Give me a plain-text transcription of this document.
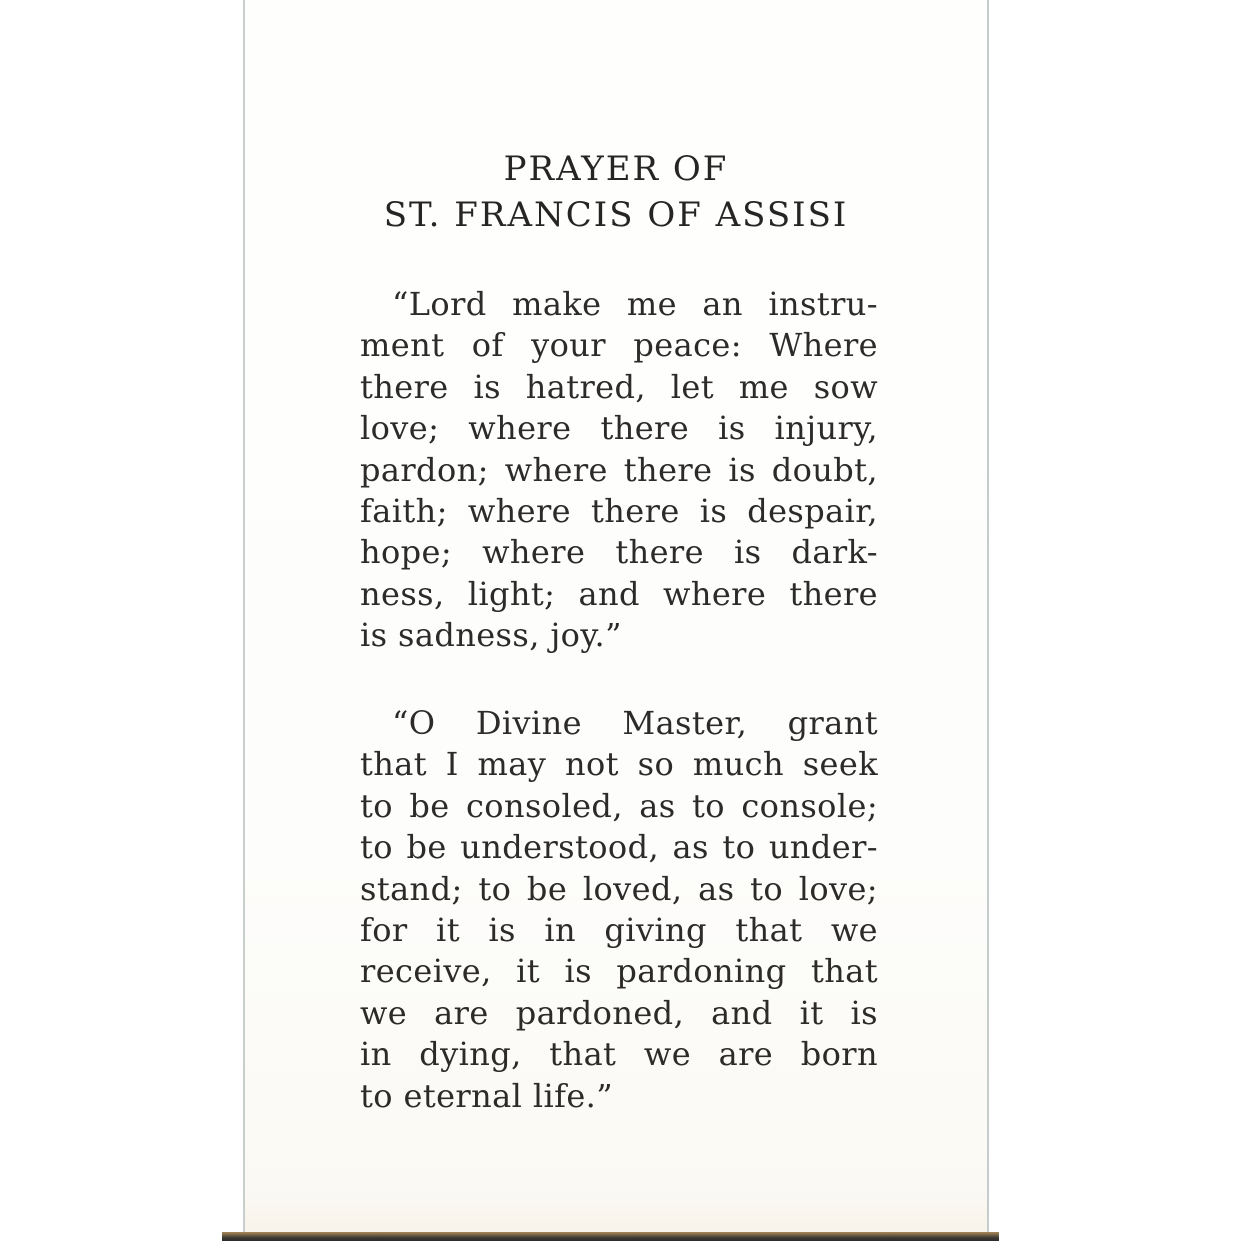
PRAYER OF
ST. FRANCIS OF ASSISI
“Lord make me an instru-
ment of your peace: Where
there is hatred, let me sow
love; where there is injury,
pardon; where there is doubt,
faith; where there is despair,
hope; where there is dark-
ness, light; and where there
is sadness, joy.”
“O Divine Master, grant
that I may not so much seek
to be consoled, as to console;
to be understood, as to under-
stand; to be loved, as to love;
for it is in giving that we
receive, it is pardoning that
we are pardoned, and it is
in dying, that we are born
to eternal life.”
